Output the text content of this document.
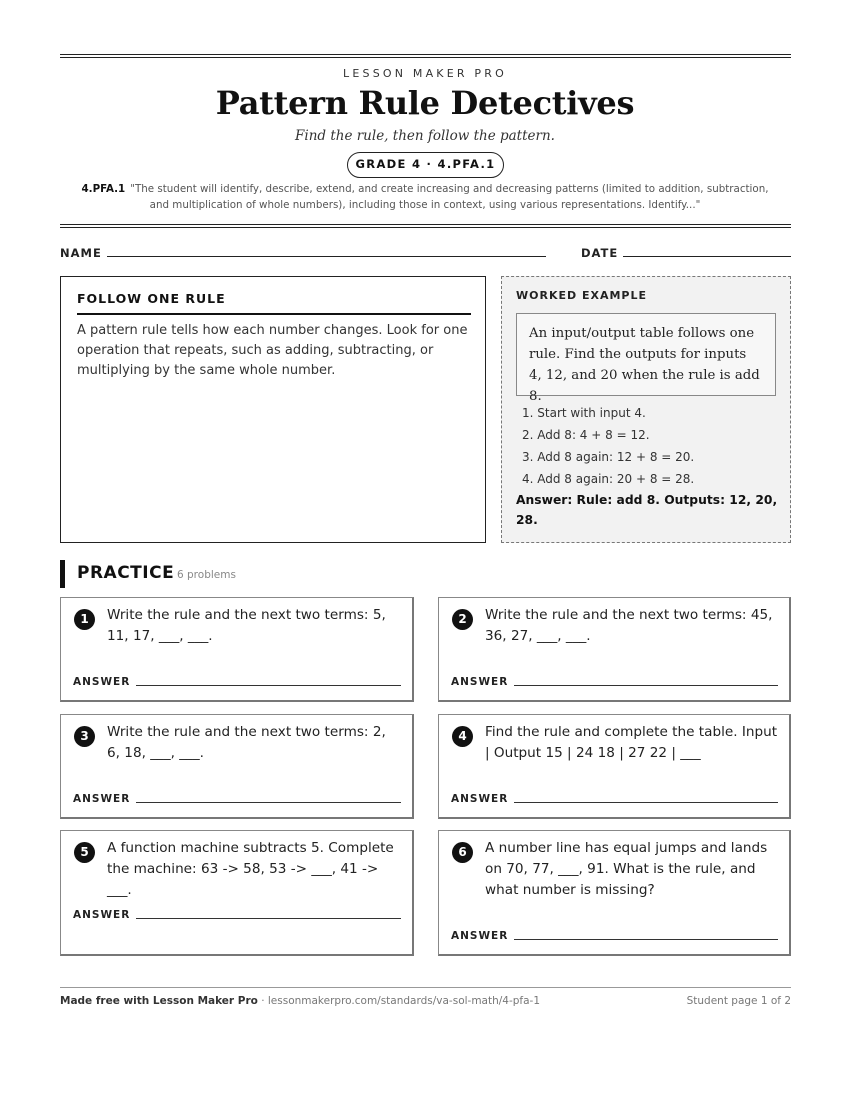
LESSON MAKER PRO
Pattern Rule Detectives
Find the rule, then follow the pattern.
GRADE 4 · 4.PFA.1
4.PFA.1 "The student will identify, describe, extend, and create increasing and decreasing patterns (limited to addition, subtraction, and multiplication of whole numbers), including those in context, using various representations. Identify..."
NAME	DATE
FOLLOW ONE RULE

A pattern rule tells how each number changes. Look for one operation that repeats, such as adding, subtracting, or multiplying by the same whole number.

WORKED EXAMPLE
An input/output table follows one rule. Find the outputs for inputs 4, 12, and 20 when the rule is add 8.
1. Start with input 4.
2. Add 8: 4 + 8 = 12.
3. Add 8 again: 12 + 8 = 20.
4. Add 8 again: 20 + 8 = 28.
Answer: Rule: add 8. Outputs: 12, 20, 28.
PRACTICE 6 problems
1	Write the rule and the next two terms: 5, 11, 17, ___, ___.
ANSWER
2	Write the rule and the next two terms: 45, 36, 27, ___, ___.
ANSWER
3	Write the rule and the next two terms: 2, 6, 18, ___, ___.
ANSWER
4	Find the rule and complete the table. Input | Output 15 | 24 18 | 27 22 | ___
ANSWER
5	A function machine subtracts 5. Complete the machine: 63 -> 58, 53 -> ___, 41 -> ___.
ANSWER
6	A number line has equal jumps and lands on 70, 77, ___, 91. What is the rule, and what number is missing?
ANSWER
Made free with Lesson Maker Pro · lessonmakerpro.com/standards/va-sol-math/4-pfa-1	Student page 1 of 2
